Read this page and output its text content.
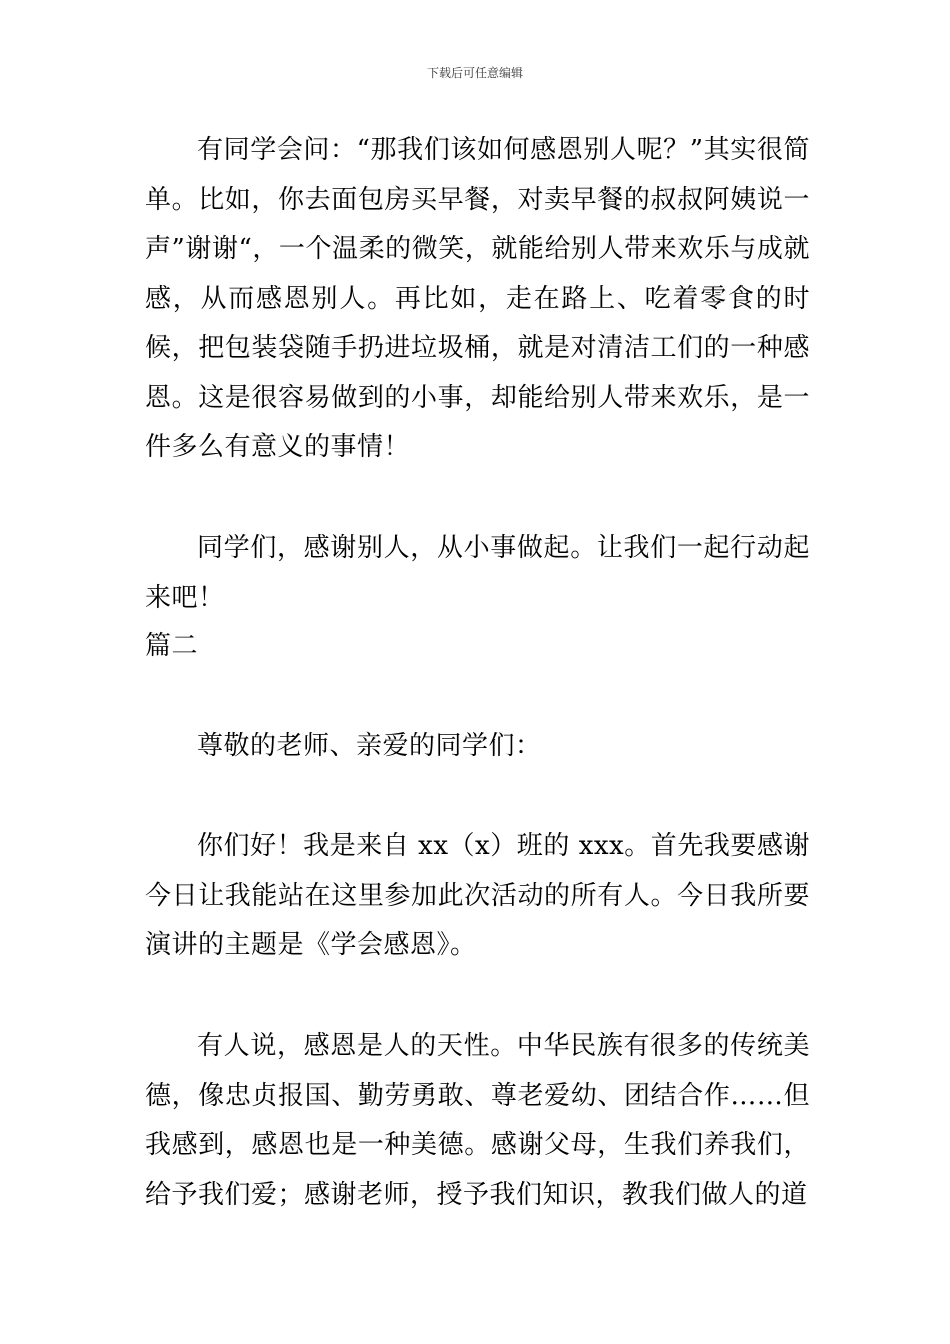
下载后可任意编辑

有同学会问：“那我们该如何感恩别人呢？”其实很简单。比如，你去面包房买早餐，对卖早餐的叔叔阿姨说一声”谢谢“，一个温柔的微笑，就能给别人带来欢乐与成就感，从而感恩别人。再比如，走在路上、吃着零食的时候，把包装袋随手扔进垃圾桶，就是对清洁工们的一种感恩。这是很容易做到的小事，却能给别人带来欢乐，是一件多么有意义的事情！

同学们，感谢别人，从小事做起。让我们一起行动起来吧！

篇二

尊敬的老师、亲爱的同学们：

你们好！我是来自 xx（x）班的 xxx。首先我要感谢今日让我能站在这里参加此次活动的所有人。今日我所要演讲的主题是《学会感恩》。

有人说，感恩是人的天性。中华民族有很多的传统美德，像忠贞报国、勤劳勇敢、尊老爱幼、团结合作……但我感到，感恩也是一种美德。感谢父母，生我们养我们，给予我们爱；感谢老师，授予我们知识，教我们做人的道
